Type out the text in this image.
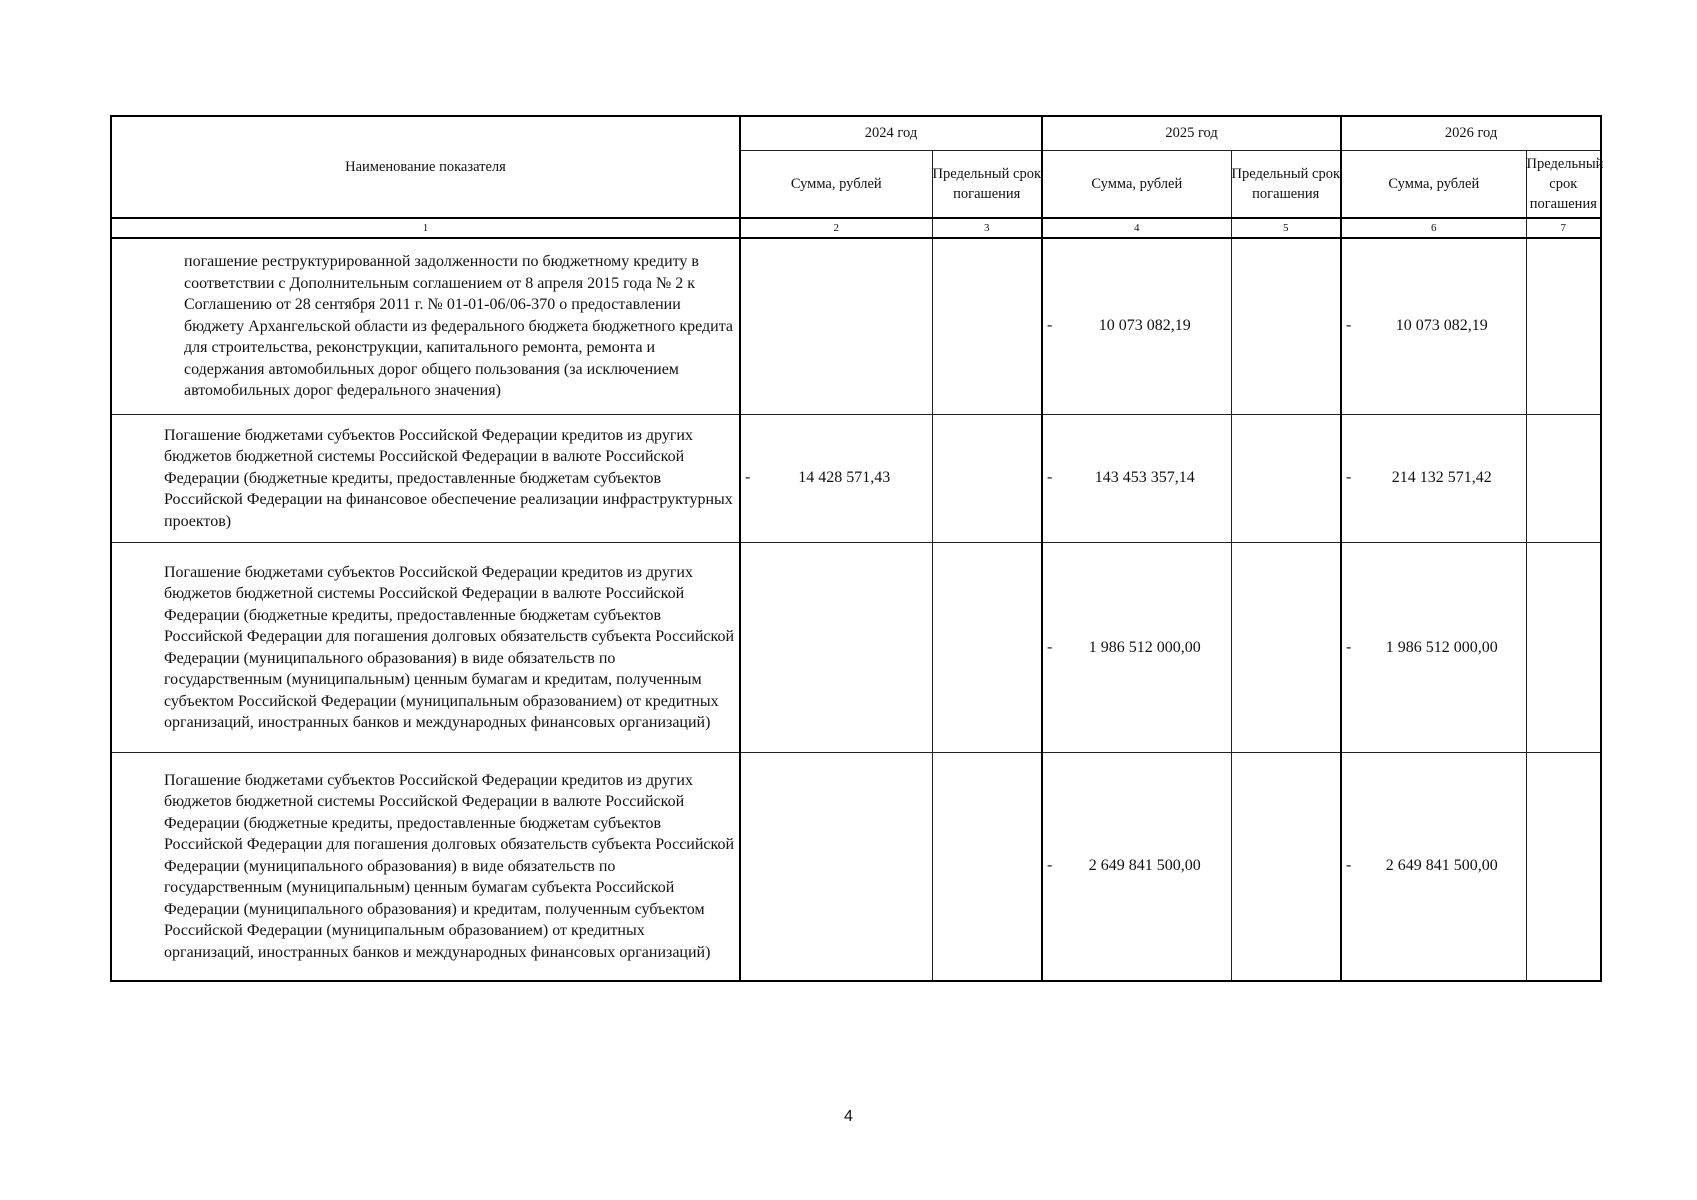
Наименование показателя	2024 год		2025 год		2026 год	
	Сумма, рублей	Предельный срок погашения	Сумма, рублей	Предельный срок погашения	Сумма, рублей	Предельный срок погашения
1	2	3	4	5	6	7
погашение реструктурированной задолженности по бюджетному кредиту в соответствии с Дополнительным соглашением от 8 апреля 2015 года № 2 к Соглашению от 28 сентября 2011 г. № 01-01-06/06-370 о предоставлении бюджету Архангельской области из федерального бюджета бюджетного кредита для строительства, реконструкции, капитального ремонта, ремонта и содержания автомобильных дорог общего пользования (за исключением автомобильных дорог федерального значения)			- 10 073 082,19		- 10 073 082,19	
Погашение бюджетами субъектов Российской Федерации кредитов из других бюджетов бюджетной системы Российской Федерации в валюте Российской Федерации (бюджетные кредиты, предоставленные бюджетам субъектов Российской Федерации на финансовое обеспечение реализации инфраструктурных проектов)	- 14 428 571,43		- 143 453 357,14		- 214 132 571,42	
Погашение бюджетами субъектов Российской Федерации кредитов из других бюджетов бюджетной системы Российской Федерации в валюте Российской Федерации (бюджетные кредиты, предоставленные бюджетам субъектов Российской Федерации для погашения долговых обязательств субъекта Российской Федерации (муниципального образования) в виде обязательств по государственным (муниципальным) ценным бумагам и кредитам, полученным субъектом Российской Федерации (муниципальным образованием) от кредитных организаций, иностранных банков и международных финансовых организаций)			- 1 986 512 000,00		- 1 986 512 000,00	
Погашение бюджетами субъектов Российской Федерации кредитов из других бюджетов бюджетной системы Российской Федерации в валюте Российской Федерации (бюджетные кредиты, предоставленные бюджетам субъектов Российской Федерации для погашения долговых обязательств субъекта Российской Федерации (муниципального образования) в виде обязательств по государственным (муниципальным) ценным бумагам субъекта Российской Федерации (муниципального образования) и кредитам, полученным субъектом Российской Федерации (муниципальным образованием) от кредитных организаций, иностранных банков и международных финансовых организаций)			- 2 649 841 500,00		- 2 649 841 500,00	
4
